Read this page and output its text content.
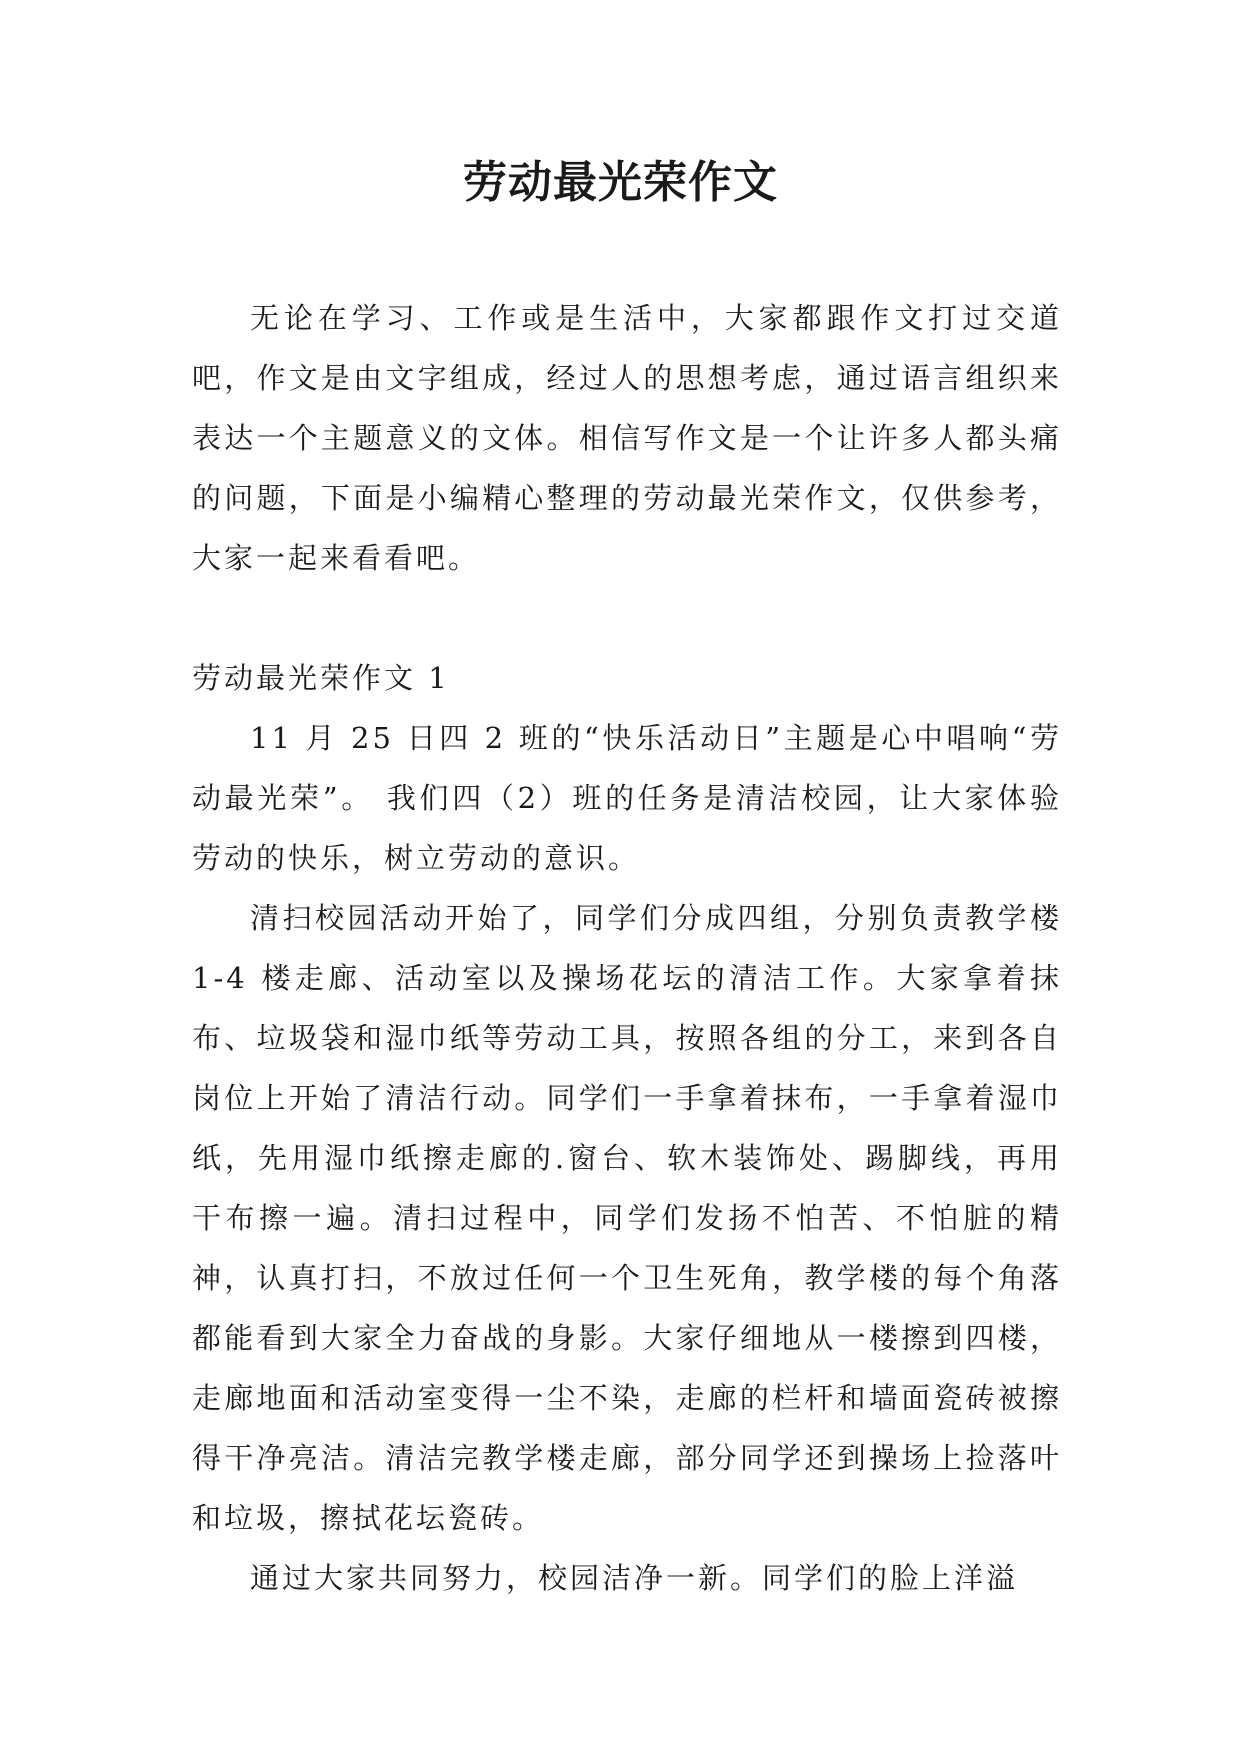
劳动最光荣作文

无论在学习、工作或是生活中，大家都跟作文打过交道吧，作文是由文字组成，经过人的思想考虑，通过语言组织来表达一个主题意义的文体。相信写作文是一个让许多人都头痛的问题，下面是小编精心整理的劳动最光荣作文，仅供参考，大家一起来看看吧。

劳动最光荣作文 1

11 月 25 日四 2 班的“快乐活动日”主题是心中唱响“劳动最光荣”。 我们四（2）班的任务是清洁校园，让大家体验劳动的快乐，树立劳动的意识。

清扫校园活动开始了，同学们分成四组，分别负责教学楼 1-4 楼走廊、活动室以及操场花坛的清洁工作。大家拿着抹布、垃圾袋和湿巾纸等劳动工具，按照各组的分工，来到各自岗位上开始了清洁行动。同学们一手拿着抹布，一手拿着湿巾纸，先用湿巾纸擦走廊的.窗台、软木装饰处、踢脚线，再用干布擦一遍。清扫过程中，同学们发扬不怕苦、不怕脏的精神，认真打扫，不放过任何一个卫生死角，教学楼的每个角落都能看到大家全力奋战的身影。大家仔细地从一楼擦到四楼，走廊地面和活动室变得一尘不染，走廊的栏杆和墙面瓷砖被擦得干净亮洁。清洁完教学楼走廊，部分同学还到操场上捡落叶和垃圾，擦拭花坛瓷砖。

通过大家共同努力，校园洁净一新。同学们的脸上洋溢
